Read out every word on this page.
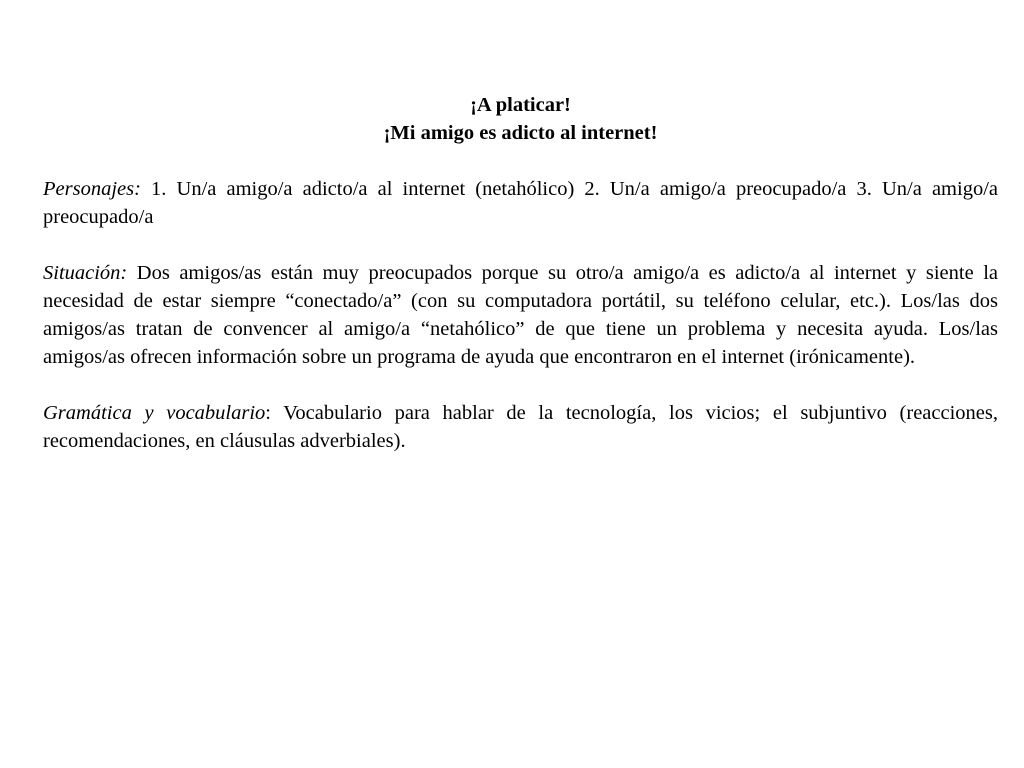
¡A platicar!
¡Mi amigo es adicto al internet!

Personajes: 1. Un/a amigo/a adicto/a al internet (netahólico) 2. Un/a amigo/a preocupado/a 3. Un/a amigo/a preocupado/a

Situación: Dos amigos/as están muy preocupados porque su otro/a amigo/a es adicto/a al internet y siente la necesidad de estar siempre “conectado/a” (con su computadora portátil, su teléfono celular, etc.). Los/las dos amigos/as tratan de convencer al amigo/a “netahólico” de que tiene un problema y necesita ayuda. Los/las amigos/as ofrecen información sobre un programa de ayuda que encontraron en el internet (irónicamente).

Gramática y vocabulario: Vocabulario para hablar de la tecnología, los vicios; el subjuntivo (reacciones, recomendaciones, en cláusulas adverbiales).
